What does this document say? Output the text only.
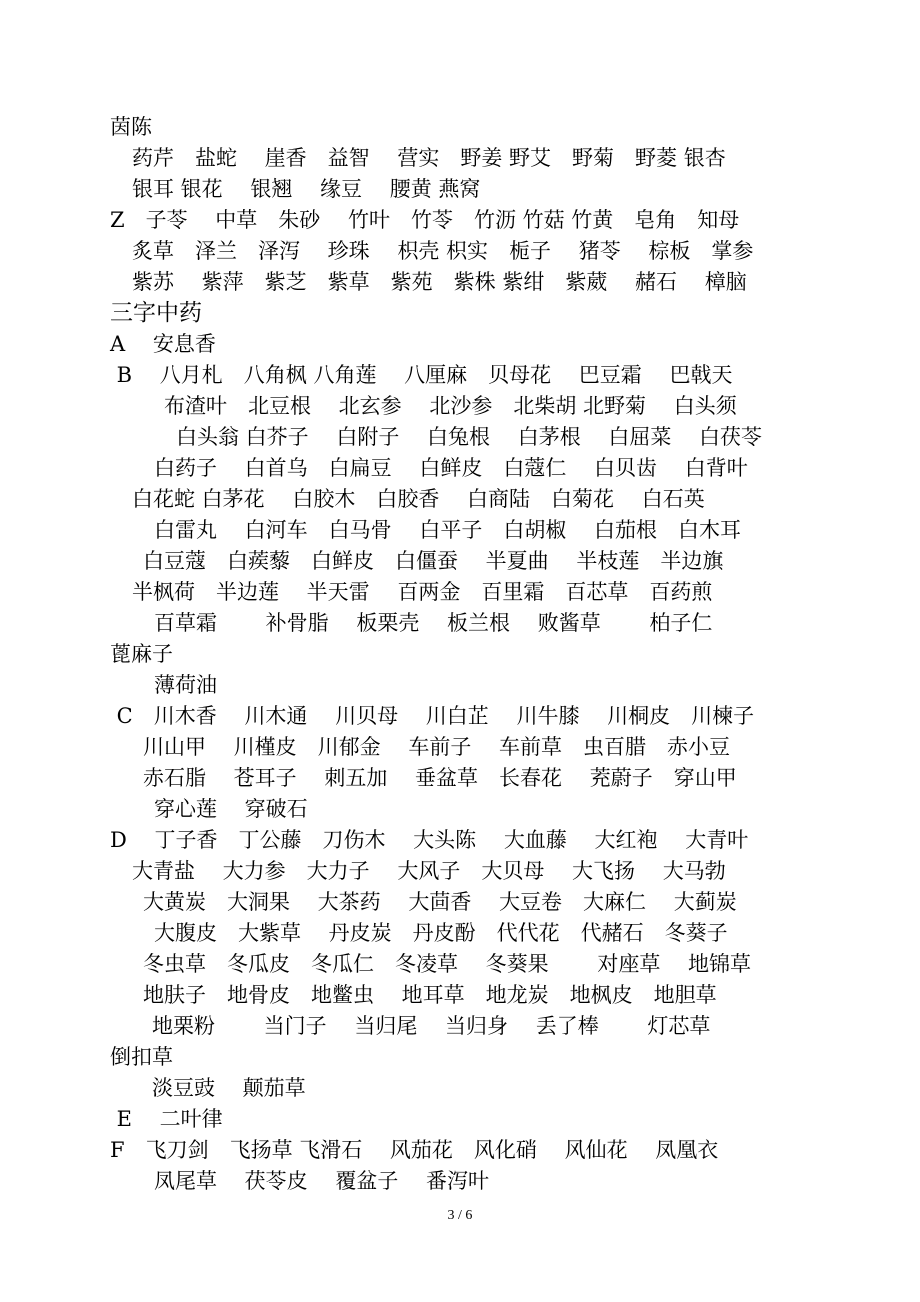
茵陈
药芹　盐蛇　 崖香　益智　 营实　野姜 野艾　野菊　野菱 银杏
银耳 银花　 银翘　 缘豆　 腰黄 燕窝
Z　子苓　 中草　朱砂　 竹叶　竹苓　竹沥 竹菇 竹黄　皂角　知母
炙草　泽兰　泽泻　 珍珠　 枳壳 枳实　栀子　 猪苓　 棕板　掌参
紫苏　 紫萍　紫芝　紫草　紫苑　紫株 紫绀　紫葳　 赭石　 樟脑
三字中药
A　 安息香
B　 八月札　八角枫 八角莲　 八厘麻　贝母花　 巴豆霜　 巴戟天
布渣叶　北豆根　 北玄参　 北沙参　北柴胡 北野菊　 白头须
白头翁 白芥子　 白附子　 白兔根　 白茅根　 白屈菜　 白茯苓
白药子　 白首乌　白扁豆　 白鲜皮　白蔻仁　 白贝齿　 白背叶
白花蛇 白茅花　 白胶木　白胶香　 白商陆　白菊花　 白石英
白雷丸　 白河车　白马骨　 白平子　白胡椒　 白茄根　白木耳
白豆蔻　白蒺藜　白鲜皮　白僵蚕　 半夏曲　 半枝莲　半边旗
半枫荷　半边莲　 半天雷　 百两金　百里霜　百芯草　百药煎
百草霜　　 补骨脂　 板栗壳　 板兰根　 败酱草　　 柏子仁
蓖麻子
薄荷油
C　川木香　 川木通　 川贝母　 川白芷　 川牛膝　 川桐皮　川楝子
川山甲　 川槿皮　川郁金　 车前子　 车前草　虫百腊　赤小豆
赤石脂　 苍耳子　 刺五加　 垂盆草　长春花　 茺蔚子　穿山甲
穿心莲　 穿破石
D　 丁子香　丁公藤　刀伤木　 大头陈　 大血藤　 大红袍　 大青叶
大青盐　 大力参　大力子　 大风子　大贝母　 大飞扬　 大马勃
大黄炭　大洞果　 大茶药　 大茴香　 大豆卷　大麻仁　 大蓟炭
大腹皮　大紫草　 丹皮炭　丹皮酚　代代花　代赭石　冬葵子
冬虫草　冬瓜皮　冬瓜仁　冬凌草　 冬葵果　　 对座草　 地锦草
地肤子　地骨皮　地鳖虫　 地耳草　地龙炭　地枫皮　地胆草
地栗粉　　 当门子　 当归尾　 当归身　 丢了棒　　 灯芯草
倒扣草
淡豆豉　 颠茄草
E　 二叶律
F　飞刀剑　飞扬草 飞滑石　 风茄花　风化硝　 风仙花　 凤凰衣
凤尾草　 茯苓皮　 覆盆子　 番泻叶
3 / 6
